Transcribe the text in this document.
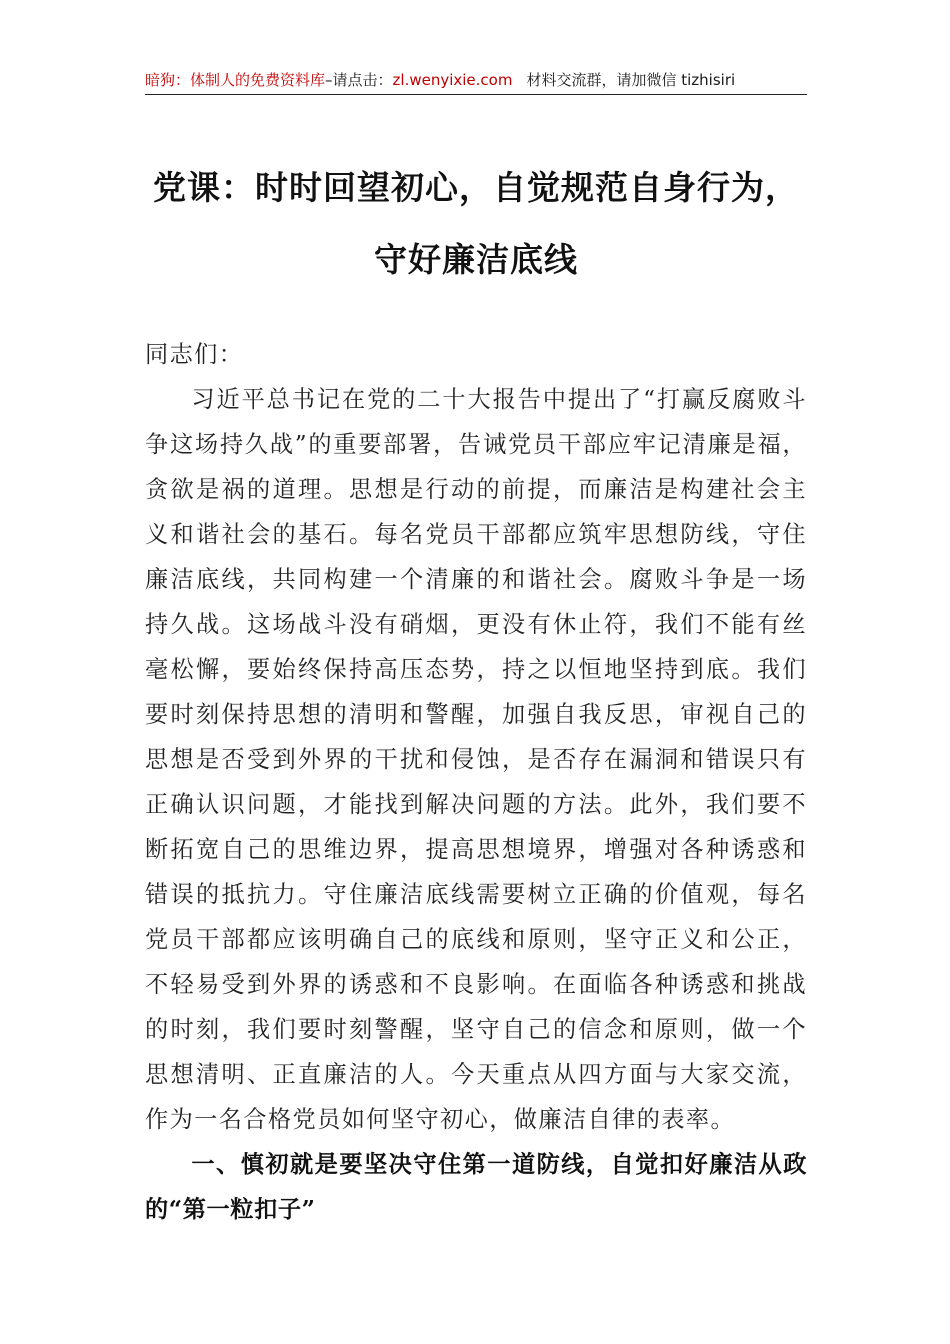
暗狗：体制人的免费资料库–请点击：zl.wenyixie.com 材料交流群，请加微信 tizhisiri
党课：时时回望初心，自觉规范自身行为，守好廉洁底线

同志们：

习近平总书记在党的二十大报告中提出了“打赢反腐败斗争这场持久战”的重要部署，告诫党员干部应牢记清廉是福，贪欲是祸的道理。思想是行动的前提，而廉洁是构建社会主义和谐社会的基石。每名党员干部都应筑牢思想防线，守住廉洁底线，共同构建一个清廉的和谐社会。腐败斗争是一场持久战。这场战斗没有硝烟，更没有休止符，我们不能有丝毫松懈，要始终保持高压态势，持之以恒地坚持到底。我们要时刻保持思想的清明和警醒，加强自我反思，审视自己的思想是否受到外界的干扰和侵蚀，是否存在漏洞和错误只有正确认识问题，才能找到解决问题的方法。此外，我们要不断拓宽自己的思维边界，提高思想境界，增强对各种诱惑和错误的抵抗力。守住廉洁底线需要树立正确的价值观，每名党员干部都应该明确自己的底线和原则，坚守正义和公正，不轻易受到外界的诱惑和不良影响。在面临各种诱惑和挑战的时刻，我们要时刻警醒，坚守自己的信念和原则，做一个思想清明、正直廉洁的人。今天重点从四方面与大家交流，作为一名合格党员如何坚守初心，做廉洁自律的表率。

一、慎初就是要坚决守住第一道防线，自觉扣好廉洁从政的“第一粒扣子”
